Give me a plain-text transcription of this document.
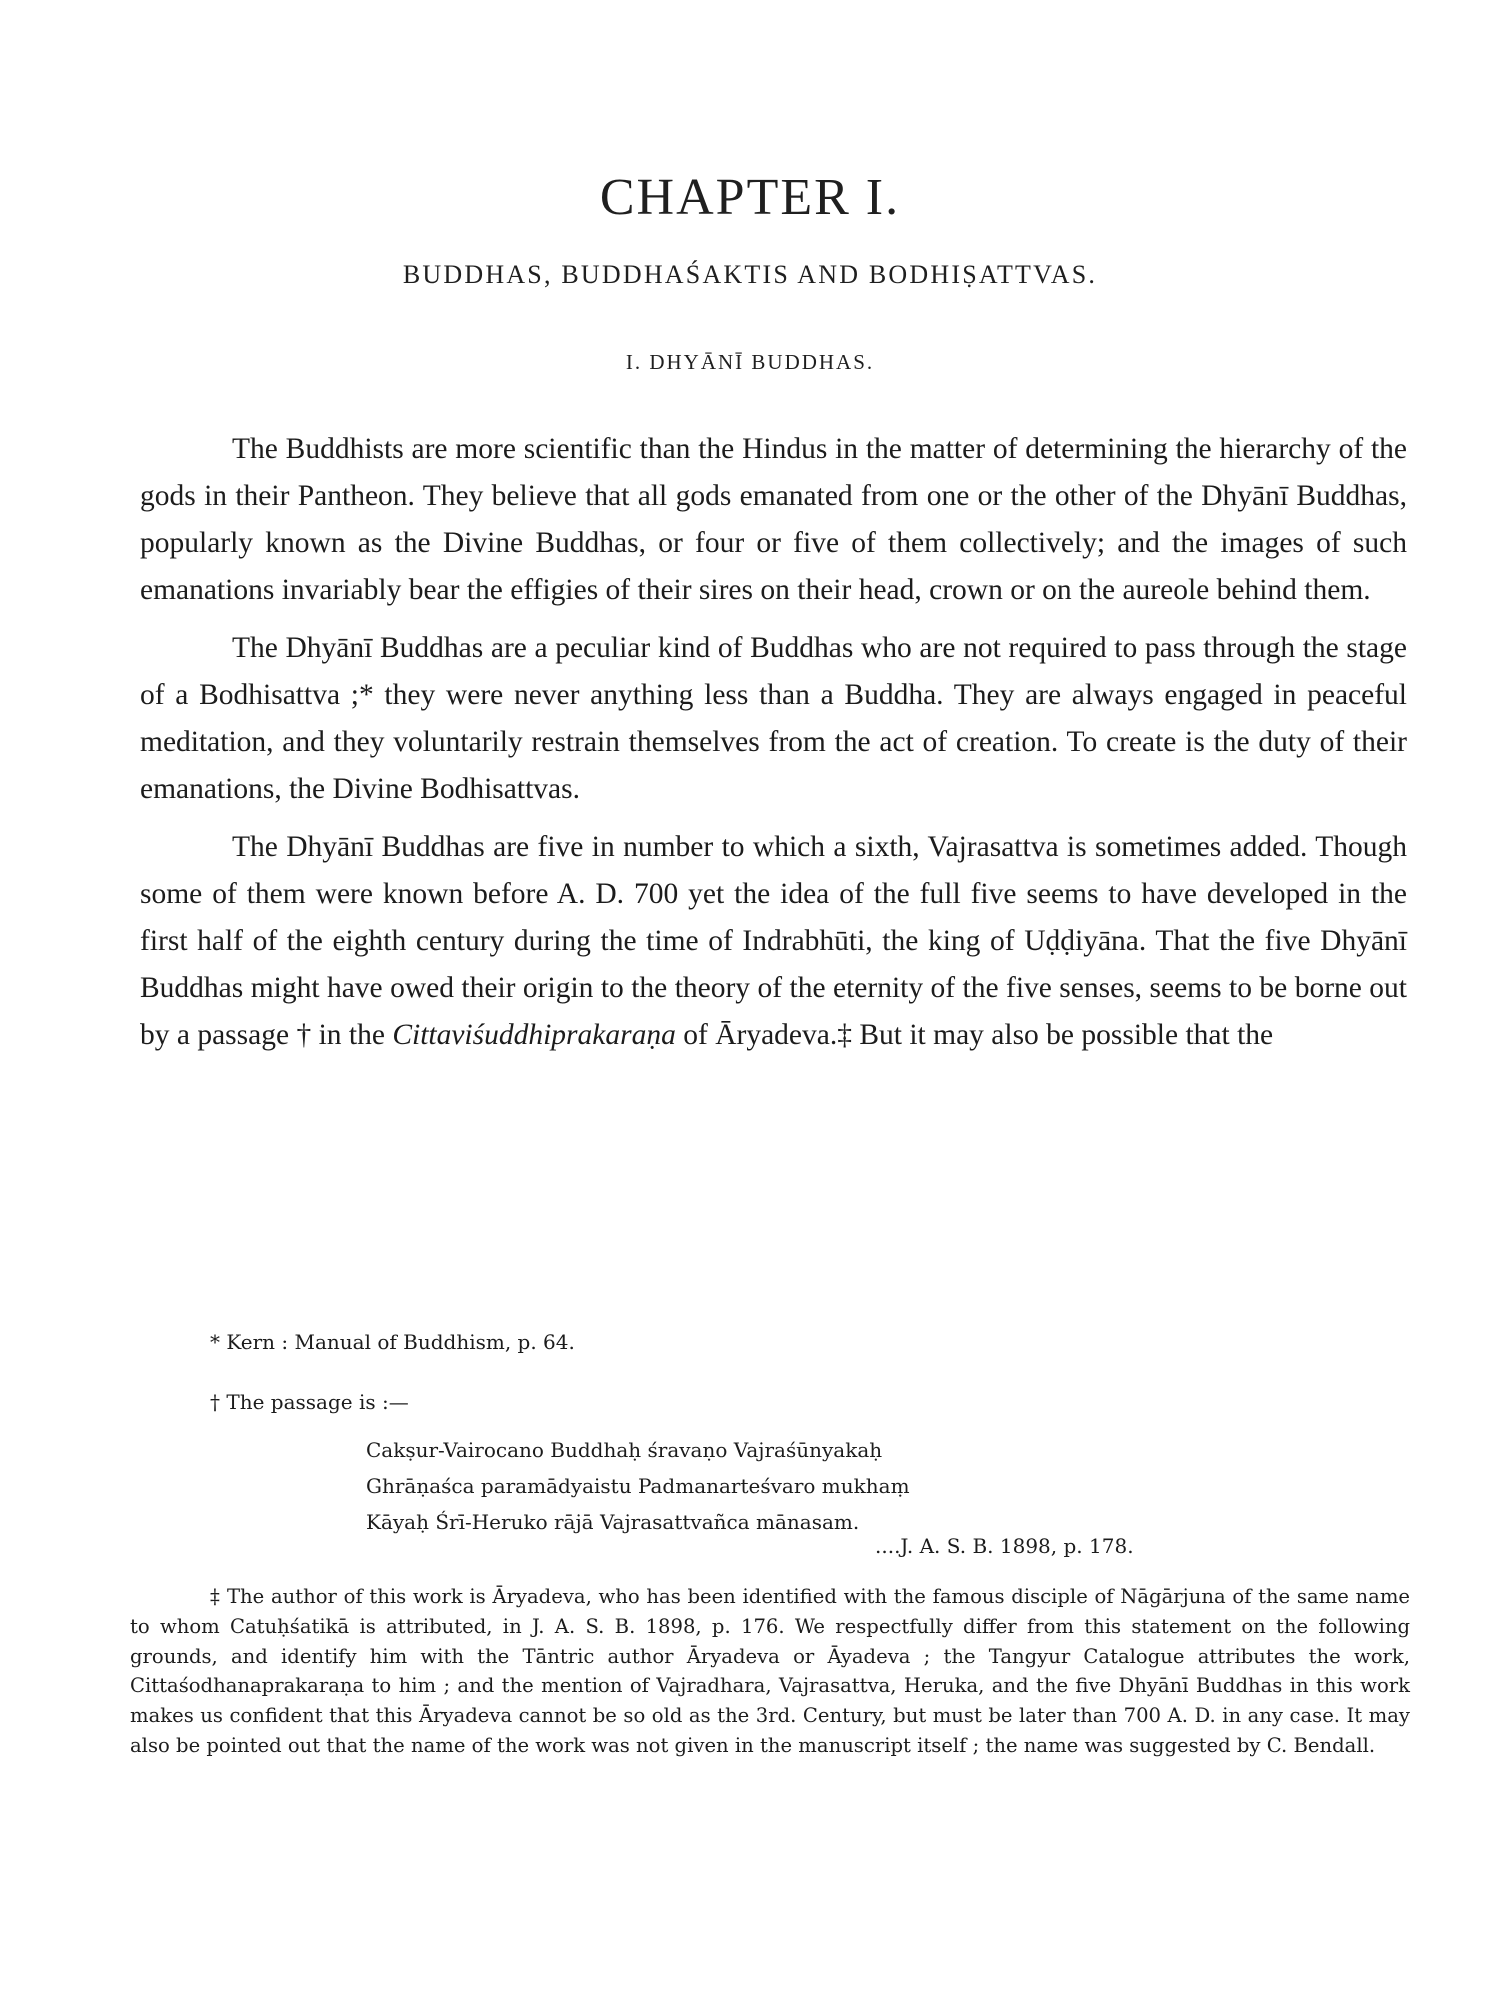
CHAPTER I.
BUDDHAS, BUDDHAŚAKTIS AND BODHIṢATTVAS.
I. DHYĀNĪ BUDDHAS.

The Buddhists are more scientific than the Hindus in the matter of determining the hierarchy of the gods in their Pantheon. They believe that all gods emanated from one or the other of the Dhyānī Buddhas, popularly known as the Divine Buddhas, or four or five of them collectively; and the images of such emanations invariably bear the effigies of their sires on their head, crown or on the aureole behind them.

The Dhyānī Buddhas are a peculiar kind of Buddhas who are not required to pass through the stage of a Bodhisattva ;* they were never anything less than a Buddha. They are always engaged in peaceful meditation, and they voluntarily restrain themselves from the act of creation. To create is the duty of their emanations, the Divine Bodhisattvas.

The Dhyānī Buddhas are five in number to which a sixth, Vajrasattva is sometimes added. Though some of them were known before A. D. 700 yet the idea of the full five seems to have developed in the first half of the eighth century during the time of Indrabhūti, the king of Uḍḍiyāna. That the five Dhyānī Buddhas might have owed their origin to the theory of the eternity of the five senses, seems to be borne out by a passage † in the Cittaviśuddhiprakaraṇa of Āryadeva.‡ But it may also be possible that the

* Kern : Manual of Buddhism, p. 64.
† The passage is :—
Cakṣur-Vairocano Buddhaḥ śravaṇo Vajraśūnyakaḥ
Ghrāṇaśca paramādyaistu Padmanarteśvaro mukhaṃ
Kāyaḥ Śrī-Heruko rājā Vajrasattvañca mānasam.
....J. A. S. B. 1898, p. 178.
‡ The author of this work is Āryadeva, who has been identified with the famous disciple of Nāgārjuna of the same name to whom Catuḥśatikā is attributed, in J. A. S. B. 1898, p. 176. We respectfully differ from this statement on the following grounds, and identify him with the Tāntric author Āryadeva or Āyadeva ; the Tangyur Catalogue attributes the work, Cittaśodhanaprakaraṇa to him ; and the mention of Vajradhara, Vajrasattva, Heruka, and the five Dhyānī Buddhas in this work makes us confident that this Āryadeva cannot be so old as the 3rd. Century, but must be later than 700 A. D. in any case. It may also be pointed out that the name of the work was not given in the manuscript itself ; the name was suggested by C. Bendall.
